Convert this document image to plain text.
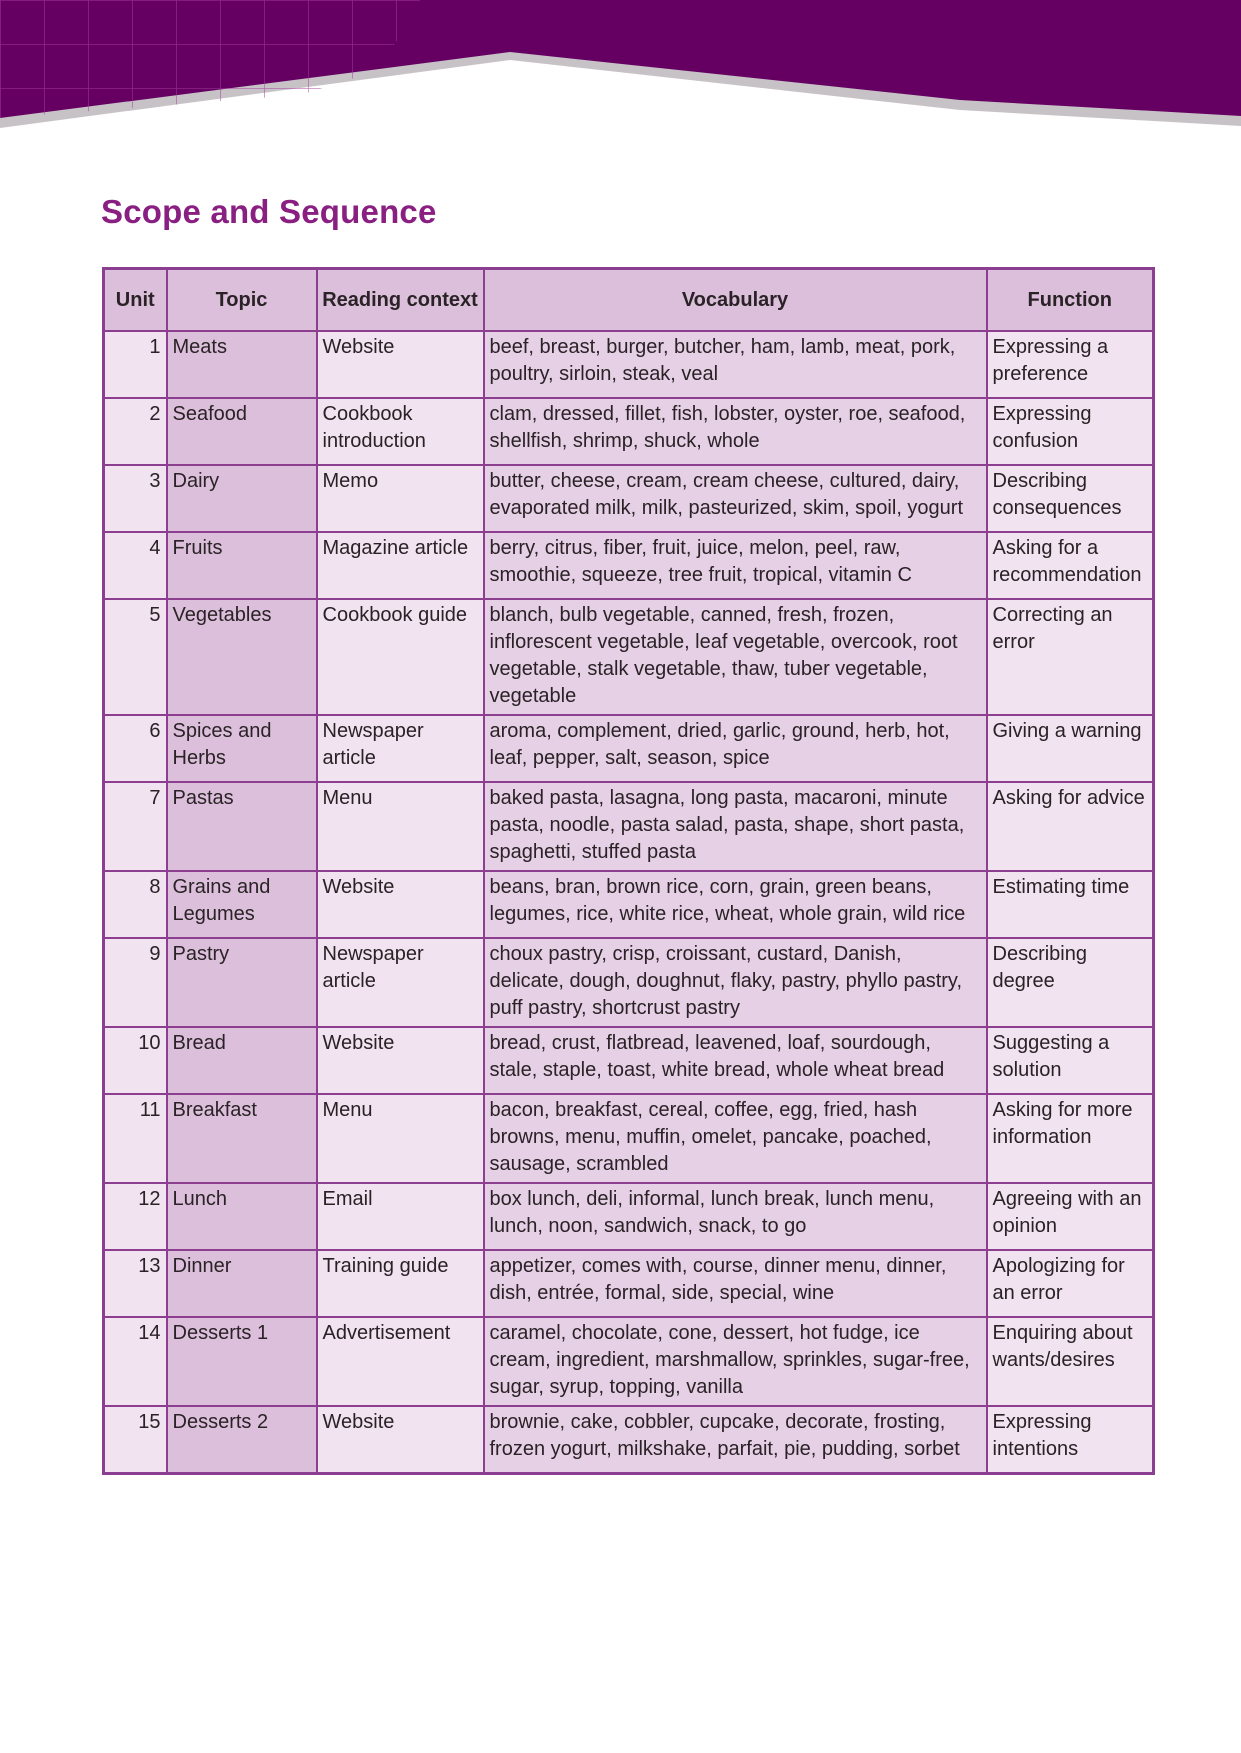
Scope and Sequence
Unit	Topic	Reading context	Vocabulary	Function
1	Meats	Website	beef, breast, burger, butcher, ham, lamb, meat, pork, poultry, sirloin, steak, veal	Expressing a preference
2	Seafood	Cookbook introduction	clam, dressed, fillet, fish, lobster, oyster, roe, seafood, shellfish, shrimp, shuck, whole	Expressing confusion
3	Dairy	Memo	butter, cheese, cream, cream cheese, cultured, dairy, evaporated milk, milk, pasteurized, skim, spoil, yogurt	Describing consequences
4	Fruits	Magazine article	berry, citrus, fiber, fruit, juice, melon, peel, raw, smoothie, squeeze, tree fruit, tropical, vitamin C	Asking for a recommendation
5	Vegetables	Cookbook guide	blanch, bulb vegetable, canned, fresh, frozen, inflorescent vegetable, leaf vegetable, overcook, root vegetable, stalk vegetable, thaw, tuber vegetable, vegetable	Correcting an error
6	Spices and Herbs	Newspaper article	aroma, complement, dried, garlic, ground, herb, hot, leaf, pepper, salt, season, spice	Giving a warning
7	Pastas	Menu	baked pasta, lasagna, long pasta, macaroni, minute pasta, noodle, pasta salad, pasta, shape, short pasta, spaghetti, stuffed pasta	Asking for advice
8	Grains and Legumes	Website	beans, bran, brown rice, corn, grain, green beans, legumes, rice, white rice, wheat, whole grain, wild rice	Estimating time
9	Pastry	Newspaper article	choux pastry, crisp, croissant, custard, Danish, delicate, dough, doughnut, flaky, pastry, phyllo pastry, puff pastry, shortcrust pastry	Describing degree
10	Bread	Website	bread, crust, flatbread, leavened, loaf, sourdough, stale, staple, toast, white bread, whole wheat bread	Suggesting a solution
11	Breakfast	Menu	bacon, breakfast, cereal, coffee, egg, fried, hash browns, menu, muffin, omelet, pancake, poached, sausage, scrambled	Asking for more information
12	Lunch	Email	box lunch, deli, informal, lunch break, lunch menu, lunch, noon, sandwich, snack, to go	Agreeing with an opinion
13	Dinner	Training guide	appetizer, comes with, course, dinner menu, dinner, dish, entrée, formal, side, special, wine	Apologizing for an error
14	Desserts 1	Advertisement	caramel, chocolate, cone, dessert, hot fudge, ice cream, ingredient, marshmallow, sprinkles, sugar-free, sugar, syrup, topping, vanilla	Enquiring about wants/desires
15	Desserts 2	Website	brownie, cake, cobbler, cupcake, decorate, frosting, frozen yogurt, milkshake, parfait, pie, pudding, sorbet	Expressing intentions
